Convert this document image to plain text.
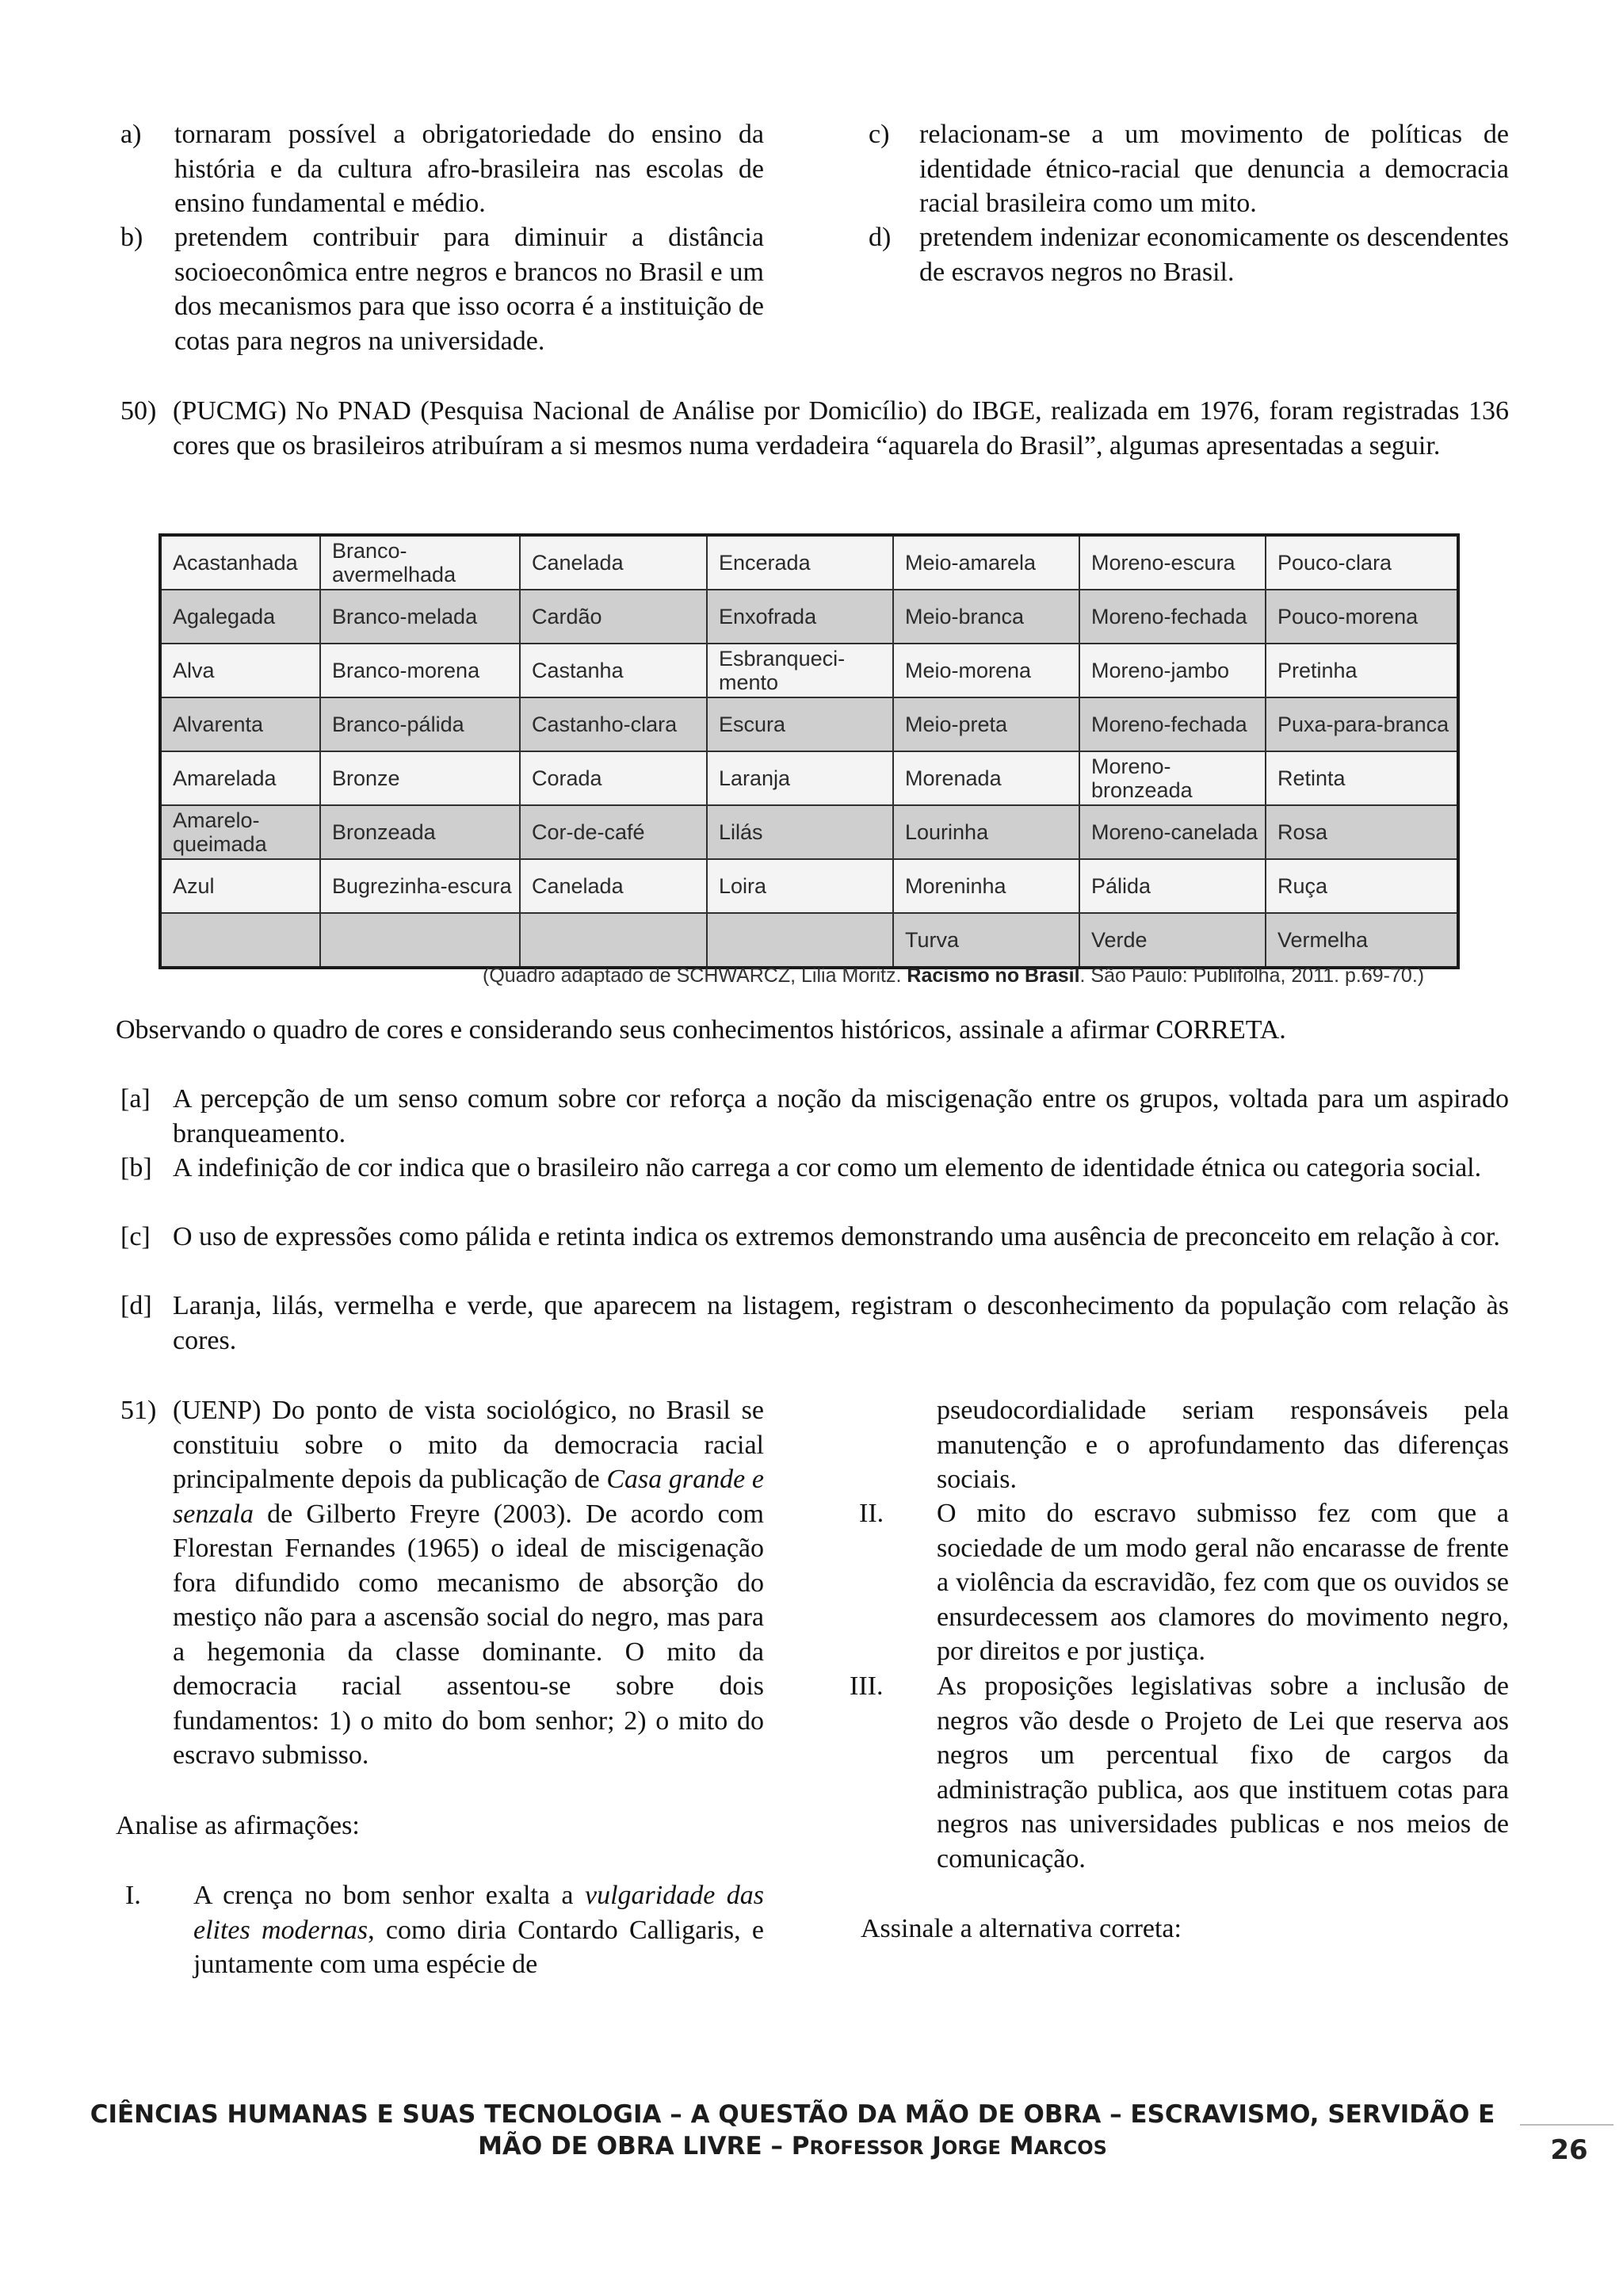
a) tornaram possível a obrigatoriedade do ensino da história e da cultura afro-brasileira nas escolas de ensino fundamental e médio.
b) pretendem contribuir para diminuir a distância socioeconômica entre negros e brancos no Brasil e um dos mecanismos para que isso ocorra é a instituição de cotas para negros na universidade.
c) relacionam-se a um movimento de políticas de identidade étnico-racial que denuncia a democracia racial brasileira como um mito.
d) pretendem indenizar economicamente os descendentes de escravos negros no Brasil.
50) (PUCMG) No PNAD (Pesquisa Nacional de Análise por Domicílio) do IBGE, realizada em 1976, foram registradas 136 cores que os brasileiros atribuíram a si mesmos numa verdadeira “aquarela do Brasil”, algumas apresentadas a seguir.
Acastanhada	Branco-avermelhada	Canelada	Encerada	Meio-amarela	Moreno-escura	Pouco-clara
Agalegada	Branco-melada	Cardão	Enxofrada	Meio-branca	Moreno-fechada	Pouco-morena
Alva	Branco-morena	Castanha	Esbranqueci-mento	Meio-morena	Moreno-jambo	Pretinha
Alvarenta	Branco-pálida	Castanho-clara	Escura	Meio-preta	Moreno-fechada	Puxa-para-branca
Amarelada	Bronze	Corada	Laranja	Morenada	Moreno-bronzeada	Retinta
Amarelo-queimada	Bronzeada	Cor-de-café	Lilás	Lourinha	Moreno-canelada	Rosa
Azul	Bugrezinha-escura	Canelada	Loira	Moreninha	Pálida	Ruça
				Turva	Verde	Vermelha
(Quadro adaptado de SCHWARCZ, Lilia Moritz. Racismo no Brasil. São Paulo: Publifolha, 2011. p.69-70.)
Observando o quadro de cores e considerando seus conhecimentos históricos, assinale a afirmar CORRETA.
[a] A percepção de um senso comum sobre cor reforça a noção da miscigenação entre os grupos, voltada para um aspirado branqueamento.
[b] A indefinição de cor indica que o brasileiro não carrega a cor como um elemento de identidade étnica ou categoria social.
[c] O uso de expressões como pálida e retinta indica os extremos demonstrando uma ausência de preconceito em relação à cor.
[d] Laranja, lilás, vermelha e verde, que aparecem na listagem, registram o desconhecimento da população com relação às cores.
51) (UENP) Do ponto de vista sociológico, no Brasil se constituiu sobre o mito da democracia racial principalmente depois da publicação de Casa grande e senzala de Gilberto Freyre (2003). De acordo com Florestan Fernandes (1965) o ideal de miscigenação fora difundido como mecanismo de absorção do mestiço não para a ascensão social do negro, mas para a hegemonia da classe dominante. O mito da democracia racial assentou-se sobre dois fundamentos: 1) o mito do bom senhor; 2) o mito do escravo submisso.
Analise as afirmações:
I. A crença no bom senhor exalta a vulgaridade das elites modernas, como diria Contardo Calligaris, e juntamente com uma espécie de
pseudocordialidade seriam responsáveis pela manutenção e o aprofundamento das diferenças sociais.
II. O mito do escravo submisso fez com que a sociedade de um modo geral não encarasse de frente a violência da escravidão, fez com que os ouvidos se ensurdecessem aos clamores do movimento negro, por direitos e por justiça.
III. As proposições legislativas sobre a inclusão de negros vão desde o Projeto de Lei que reserva aos negros um percentual fixo de cargos da administração publica, aos que instituem cotas para negros nas universidades publicas e nos meios de comunicação.
Assinale a alternativa correta:
CIÊNCIAS HUMANAS E SUAS TECNOLOGIA – A QUESTÃO DA MÃO DE OBRA – ESCRAVISMO, SERVIDÃO E
MÃO DE OBRA LIVRE – PROFESSOR JORGE MARCOS	26
